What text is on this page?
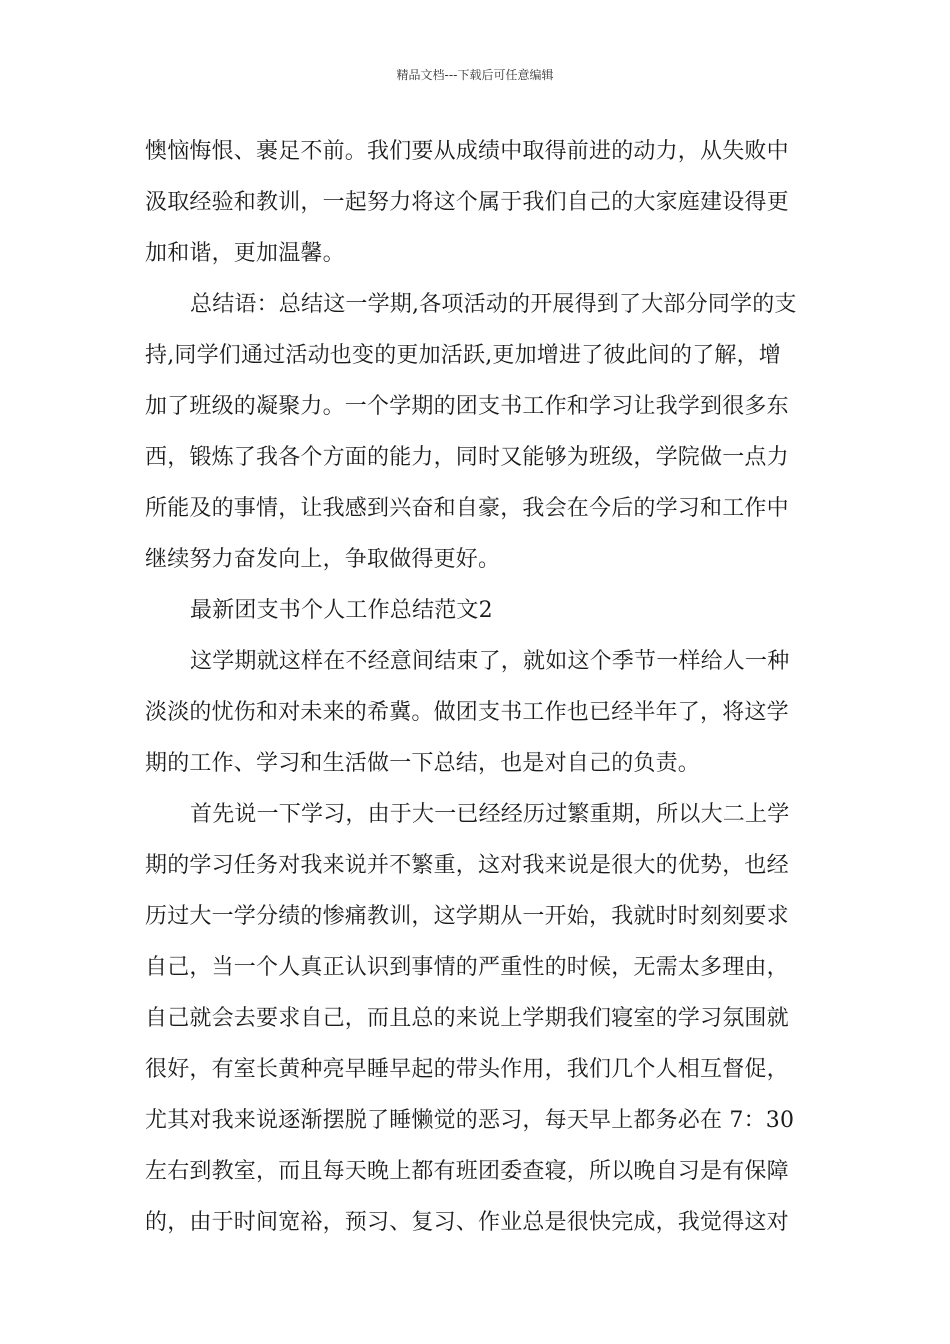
精品文档---下载后可任意编辑
懊恼悔恨、裹足不前。我们要从成绩中取得前进的动力，从失败中
汲取经验和教训，一起努力将这个属于我们自己的大家庭建设得更
加和谐，更加温馨。
总结语：总结这一学期,各项活动的开展得到了大部分同学的支
持,同学们通过活动也变的更加活跃,更加增进了彼此间的了解，增
加了班级的凝聚力。一个学期的团支书工作和学习让我学到很多东
西，锻炼了我各个方面的能力，同时又能够为班级，学院做一点力
所能及的事情，让我感到兴奋和自豪，我会在今后的学习和工作中
继续努力奋发向上，争取做得更好。
最新团支书个人工作总结范文2
这学期就这样在不经意间结束了，就如这个季节一样给人一种
淡淡的忧伤和对未来的希冀。做团支书工作也已经半年了，将这学
期的工作、学习和生活做一下总结，也是对自己的负责。
首先说一下学习，由于大一已经经历过繁重期，所以大二上学
期的学习任务对我来说并不繁重，这对我来说是很大的优势，也经
历过大一学分绩的惨痛教训，这学期从一开始，我就时时刻刻要求
自己，当一个人真正认识到事情的严重性的时候，无需太多理由，
自己就会去要求自己，而且总的来说上学期我们寝室的学习氛围就
很好，有室长黄种亮早睡早起的带头作用，我们几个人相互督促，
尤其对我来说逐渐摆脱了睡懒觉的恶习，每天早上都务必在 7：30
左右到教室，而且每天晚上都有班团委查寝，所以晚自习是有保障
的，由于时间宽裕，预习、复习、作业总是很快完成，我觉得这对
